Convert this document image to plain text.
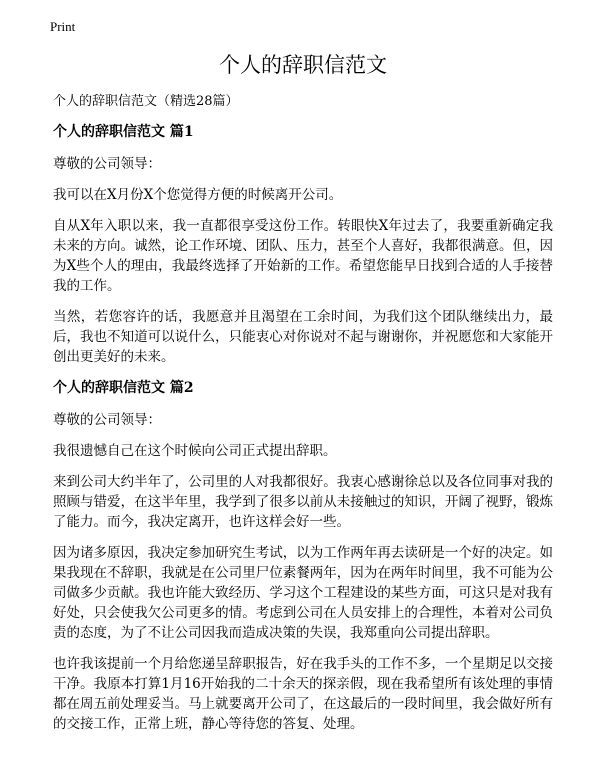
Print
个人的辞职信范文

个人的辞职信范文（精选28篇）

个人的辞职信范文 篇1

尊敬的公司领导：

我可以在X月份X个您觉得方便的时候离开公司。

自从X年入职以来，我一直都很享受这份工作。转眼快X年过去了，我要重新确定我未来的方向。诚然，论工作环境、团队、压力，甚至个人喜好，我都很满意。但，因为X些个人的理由，我最终选择了开始新的工作。希望您能早日找到合适的人手接替我的工作。

当然，若您容许的话，我愿意并且渴望在工余时间，为我们这个团队继续出力，最后，我也不知道可以说什么，只能衷心对你说对不起与谢谢你，并祝愿您和大家能开创出更美好的未来。

个人的辞职信范文 篇2

尊敬的公司领导：

我很遗憾自己在这个时候向公司正式提出辞职。

来到公司大约半年了，公司里的人对我都很好。我衷心感谢徐总以及各位同事对我的照顾与错爱，在这半年里，我学到了很多以前从未接触过的知识，开阔了视野，锻炼了能力。而今，我决定离开，也许这样会好一些。

因为诸多原因，我决定参加研究生考试，以为工作两年再去读研是一个好的决定。如果我现在不辞职，我就是在公司里尸位素餐两年，因为在两年时间里，我不可能为公司做多少贡献。我也许能大致经历、学习这个工程建设的某些方面，可这只是对我有好处，只会使我欠公司更多的情。考虑到公司在人员安排上的合理性，本着对公司负责的态度，为了不让公司因我而造成决策的失误，我郑重向公司提出辞职。

也许我该提前一个月给您递呈辞职报告，好在我手头的工作不多，一个星期足以交接干净。我原本打算1月16开始我的二十余天的探亲假，现在我希望所有该处理的事情都在周五前处理妥当。马上就要离开公司了，在这最后的一段时间里，我会做好所有的交接工作，正常上班，静心等待您的答复、处理。
